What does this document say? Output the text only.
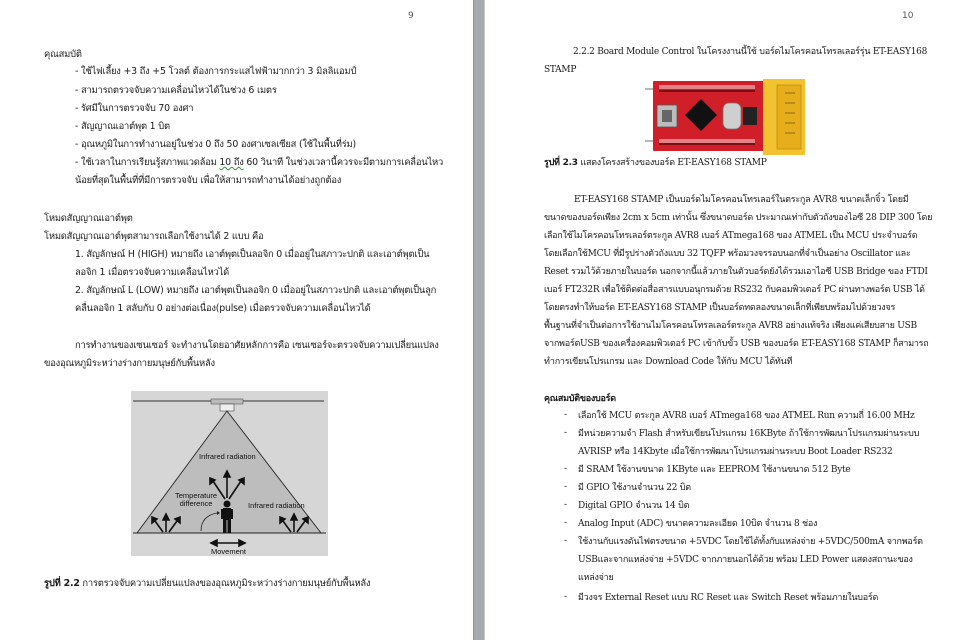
9
คุณสมบัติ
- ใช้ไฟเลี้ยง +3 ถึง +5 โวลต์ ต้องการกระแสไฟฟ้ามากกว่า 3 มิลลิแอมป์
- สามารถตรวจจับความเคลื่อนไหวได้ในช่วง 6 เมตร
- รัศมีในการตรวจจับ 70 องศา
- สัญญาณเอาต์พุต 1 บิต
- อุณหภูมิในการทำงานอยู่ในช่วง 0 ถึง 50 องศาเซลเซียส (ใช้ในพื้นที่ร่ม)
- ใช้เวลาในการเรียนรู้สภาพแวดล้อม 10 ถึง 60 วินาที ในช่วงเวลานี้ควรจะมีตามการเคลื่อนไหว
น้อยที่สุดในพื้นที่ที่มีการตรวจจับ เพื่อให้สามารถทำงานได้อย่างถูกต้อง
โหมดสัญญาณเอาต์พุต
โหมดสัญญาณเอาต์พุตสามารถเลือกใช้งานได้ 2 แบบ คือ
1. สัญลักษณ์ H (HIGH) หมายถึง เอาต์พุตเป็นลอจิก 0 เมื่ออยู่ในสภาวะปกติ และเอาต์พุตเป็น
ลอจิก 1 เมื่อตรวจจับความเคลื่อนไหวได้
2. สัญลักษณ์ L (LOW) หมายถึง เอาต์พุตเป็นลอจิก 0 เมื่ออยู่ในสภาวะปกติ และเอาต์พุตเป็นลูก
คลื่นลอจิก 1 สลับกับ 0 อย่างต่อเนื่อง(pulse) เมื่อตรวจจับความเคลื่อนไหวได้
การทำงานของเซนเซอร์ จะทำงานโดยอาศัยหลักการคือ เซนเซอร์จะตรวจจับความเปลี่ยนแปลง
ของอุณหภูมิระหว่างร่างกายมนุษย์กับพื้นหลัง
Infrared radiation
Temperature
difference	Infrared radiation
Movement
รูปที่ 2.2 การตรวจจับความเปลี่ยนแปลงของอุณหภูมิระหว่างร่างกายมนุษย์กับพื้นหลัง
10
2.2.2 Board Module Control ในโครงงานนี้ใช้ บอร์ดไมโครคอนโทรลเลอร์รุ่น ET-EASY168
STAMP
รูปที่ 2.3 แสดงโครงสร้างของบอร์ด ET-EASY168 STAMP
ET-EASY168 STAMP เป็นบอร์ดไมโครคอนโทรเลอร์ในตระกูล AVR8 ขนาดเล็กจิ๋ว โดยมี
ขนาดของบอร์ดเพียง 2cm x 5cm เท่านั้น ซึ่งขนาดบอร์ด ประมาณเท่ากับตัวถังของไอซี 28 DIP 300 โดย
เลือกใช้ไมโครคอนโทรเลอร์ตระกูล AVR8 เบอร์ ATmega168 ของ ATMEL เป็น MCU ประจำบอร์ด
โดยเลือกใช้MCU ที่มีรูปร่างตัวถังแบบ 32 TQFP พร้อมวงจรรอบนอกที่จำเป็นอย่าง Oscillator และ
Reset รวมไว้ด้วยภายในบอร์ด นอกจากนี้แล้วภายในตัวบอร์ดยังได้รวมเอาไอซี USB Bridge ของ FTDI
เบอร์ FT232R เพื่อใช้ติดต่อสื่อสารแบบอนุกรมด้วย RS232 กับคอมพิวเตอร์ PC ผ่านทางพอร์ต USB ได้
โดยตรงทำให้บอร์ด ET-EASY168 STAMP เป็นบอร์ดทดลองขนาดเล็กที่เพียบพร้อมไปด้วยวงจร
พื้นฐานที่จำเป็นต่อการใช้งานไมโครคอนโทรลเลอร์ตระกูล AVR8 อย่างแท้จริง เพียงแค่เสียบสาย USB
จากพอร์ตUSB ของเครื่องคอมพิวเตอร์ PC เข้ากับขั้ว USB ของบอร์ด ET-EASY168 STAMP ก็สามารถ
ทำการเขียนโปรแกรม และ Download Code ให้กับ MCU ได้ทันที
คุณสมบัติของบอร์ด
- เลือกใช้ MCU ตระกูล AVR8 เบอร์ ATmega168 ของ ATMEL Run ความถี่ 16.00 MHz
- มีหน่วยความจำ Flash สำหรับเขียนโปรแกรม 16KByte ถ้าใช้การพัฒนาโปรแกรมผ่านระบบ
AVRISP หรือ 14Kbyte เมื่อใช้การพัฒนาโปรแกรมผ่านระบบ Boot Loader RS232
- มี SRAM ใช้งานขนาด 1KByte และ EEPROM ใช้งานขนาด 512 Byte
- มี GPIO ใช้งานจำนวน 22 บิต
- Digital GPIO จำนวน 14 บิต
- Analog Input (ADC) ขนาดความละเอียด 10บิต จำนวน 8 ช่อง
- ใช้งานกับแรงดันไฟตรงขนาด +5VDC โดยใช้ได้ทั้งกับแหล่งจ่าย +5VDC/500mA จากพอร์ต
USBและจากแหล่งจ่าย +5VDC จากภายนอกได้ด้วย พร้อม LED Power แสดงสถานะของ
แหล่งจ่าย
- มีวงจร External Reset แบบ RC Reset และ Switch Reset พร้อมภายในบอร์ด
